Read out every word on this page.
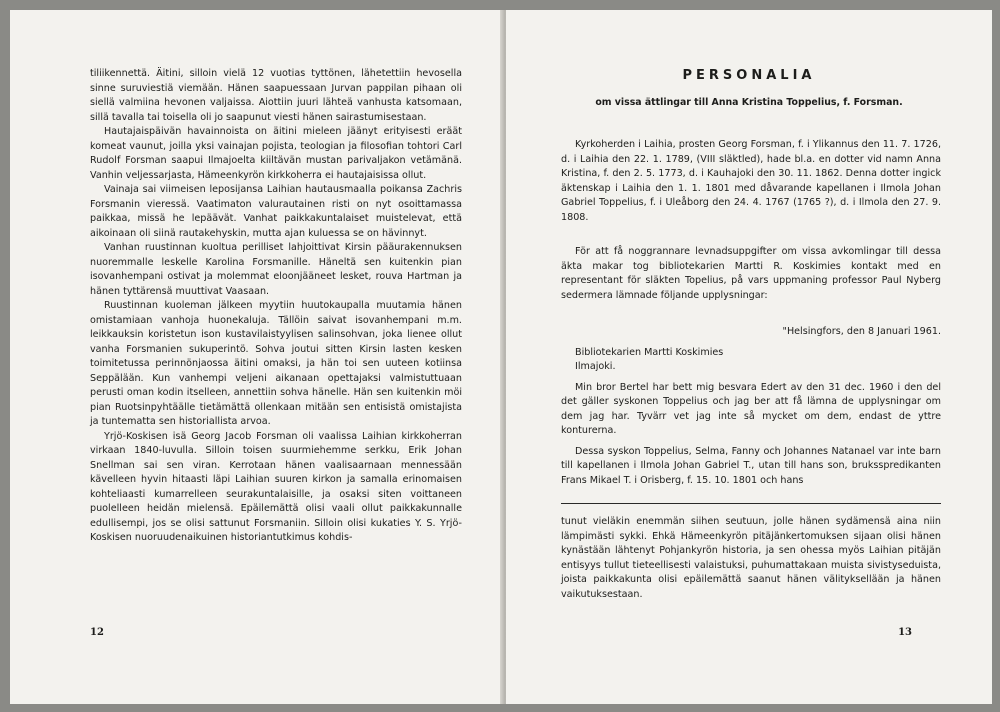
tiliikennettä. Äitini, silloin vielä 12 vuotias tyttönen, lähetettiin hevosella sinne suruviestiä viemään. Hänen saapuessaan Jurvan pappilan pihaan oli siellä valmiina hevonen valjaissa. Aiottiin juuri lähteä vanhusta katsomaan, sillä tavalla tai toisella oli jo saapunut viesti hänen sairastumisestaan.

Hautajaispäivän havainnoista on äitini mieleen jäänyt erityisesti eräät komeat vaunut, joilla yksi vainajan pojista, teologian ja filosofian tohtori Carl Rudolf Forsman saapui Ilmajoelta kiiltävän mustan parivaljakon vetämänä. Vanhin veljessarjasta, Hämeenkyrön kirkkoherra ei hautajaisissa ollut.

Vainaja sai viimeisen leposijansa Laihian hautausmaalla poikansa Zachris Forsmanin vieressä. Vaatimaton valurautainen risti on nyt osoittamassa paikkaa, missä he lepäävät. Vanhat paikkakuntalaiset muistelevat, että aikoinaan oli siinä rautakehyskin, mutta ajan kuluessa se on hävinnyt.

Vanhan ruustinnan kuoltua perilliset lahjoittivat Kirsin pääurakennuksen nuoremmalle leskelle Karolina Forsmanille. Häneltä sen kuitenkin pian isovanhempani ostivat ja molemmat eloonjääneet lesket, rouva Hartman ja hänen tyttärensä muuttivat Vaasaan.

Ruustinnan kuoleman jälkeen myytiin huutokaupalla muutamia hänen omistamiaan vanhoja huonekaluja. Tällöin saivat isovanhempani m.m. leikkauksin koristetun ison kustavilaistyylisen salinsohvan, joka lienee ollut vanha Forsmanien sukuperintö. Sohva joutui sitten Kirsin lasten kesken toimitetussa perinnönjaossa äitini omaksi, ja hän toi sen uuteen kotiinsa Seppälään. Kun vanhempi veljeni aikanaan opettajaksi valmistuttuaan perusti oman kodin itselleen, annettiin sohva hänelle. Hän sen kuitenkin möi pian Ruotsinpyhtäälle tietämättä ollenkaan mitään sen entisistä omistajista ja tuntematta sen historiallista arvoa.

Yrjö-Koskisen isä Georg Jacob Forsman oli vaalissa Laihian kirkkoherran virkaan 1840-luvulla. Silloin toisen suurmiehemme serkku, Erik Johan Snellman sai sen viran. Kerrotaan hänen vaalisaarnaan mennessään kävelleen hyvin hitaasti läpi Laihian suuren kirkon ja samalla erinomaisen kohteliaasti kumarrelleen seurakuntalaisille, ja osaksi siten voittaneen puolelleen heidän mielensä. Epäilemättä olisi vaali ollut paikkakunnalle edullisempi, jos se olisi sattunut Forsmaniin. Silloin olisi kukaties Y. S. Yrjö-Koskisen nuoruudenaikuinen historiantutkimus kohdis-

12
PERSONALIA
om vissa ättlingar till Anna Kristina Toppelius, f. Forsman.

Kyrkoherden i Laihia, prosten Georg Forsman, f. i Ylikannus den 11. 7. 1726, d. i Laihia den 22. 1. 1789, (VIII släktled), hade bl.a. en dotter vid namn Anna Kristina, f. den 2. 5. 1773, d. i Kauhajoki den 30. 11. 1862. Denna dotter ingick äktenskap i Laihia den 1. 1. 1801 med dåvarande kapellanen i Ilmola Johan Gabriel Toppelius, f. i Uleåborg den 24. 4. 1767 (1765 ?), d. i Ilmola den 27. 9. 1808.

För att få noggrannare levnadsuppgifter om vissa avkomlingar till dessa äkta makar tog bibliotekarien Martti R. Koskimies kontakt med en representant för släkten Topelius, på vars uppmaning professor Paul Nyberg sedermera lämnade följande upplysningar:

"Helsingfors, den 8 Januari 1961.

Bibliotekarien Martti Koskimies

Ilmajoki.

Min bror Bertel har bett mig besvara Edert av den 31 dec. 1960 i den del det gäller syskonen Toppelius och jag ber att få lämna de upplysningar om dem jag har. Tyvärr vet jag inte så mycket om dem, endast de yttre konturerna.

Dessa syskon Toppelius, Selma, Fanny och Johannes Natanael var inte barn till kapellanen i Ilmola Johan Gabriel T., utan till hans son, bruksspredikanten Frans Mikael T. i Orisberg, f. 15. 10. 1801 och hans

tunut vieläkin enemmän siihen seutuun, jolle hänen sydämensä aina niin lämpimästi sykki. Ehkä Hämeenkyrön pitäjänkertomuksen sijaan olisi hänen kynästään lähtenyt Pohjankyrön historia, ja sen ohessa myös Laihian pitäjän entisyys tullut tieteellisesti valaistuksi, puhumattakaan muista sivistyseduista, joista paikkakunta olisi epäilemättä saanut hänen välityksellään ja hänen vaikutuksestaan.

13
